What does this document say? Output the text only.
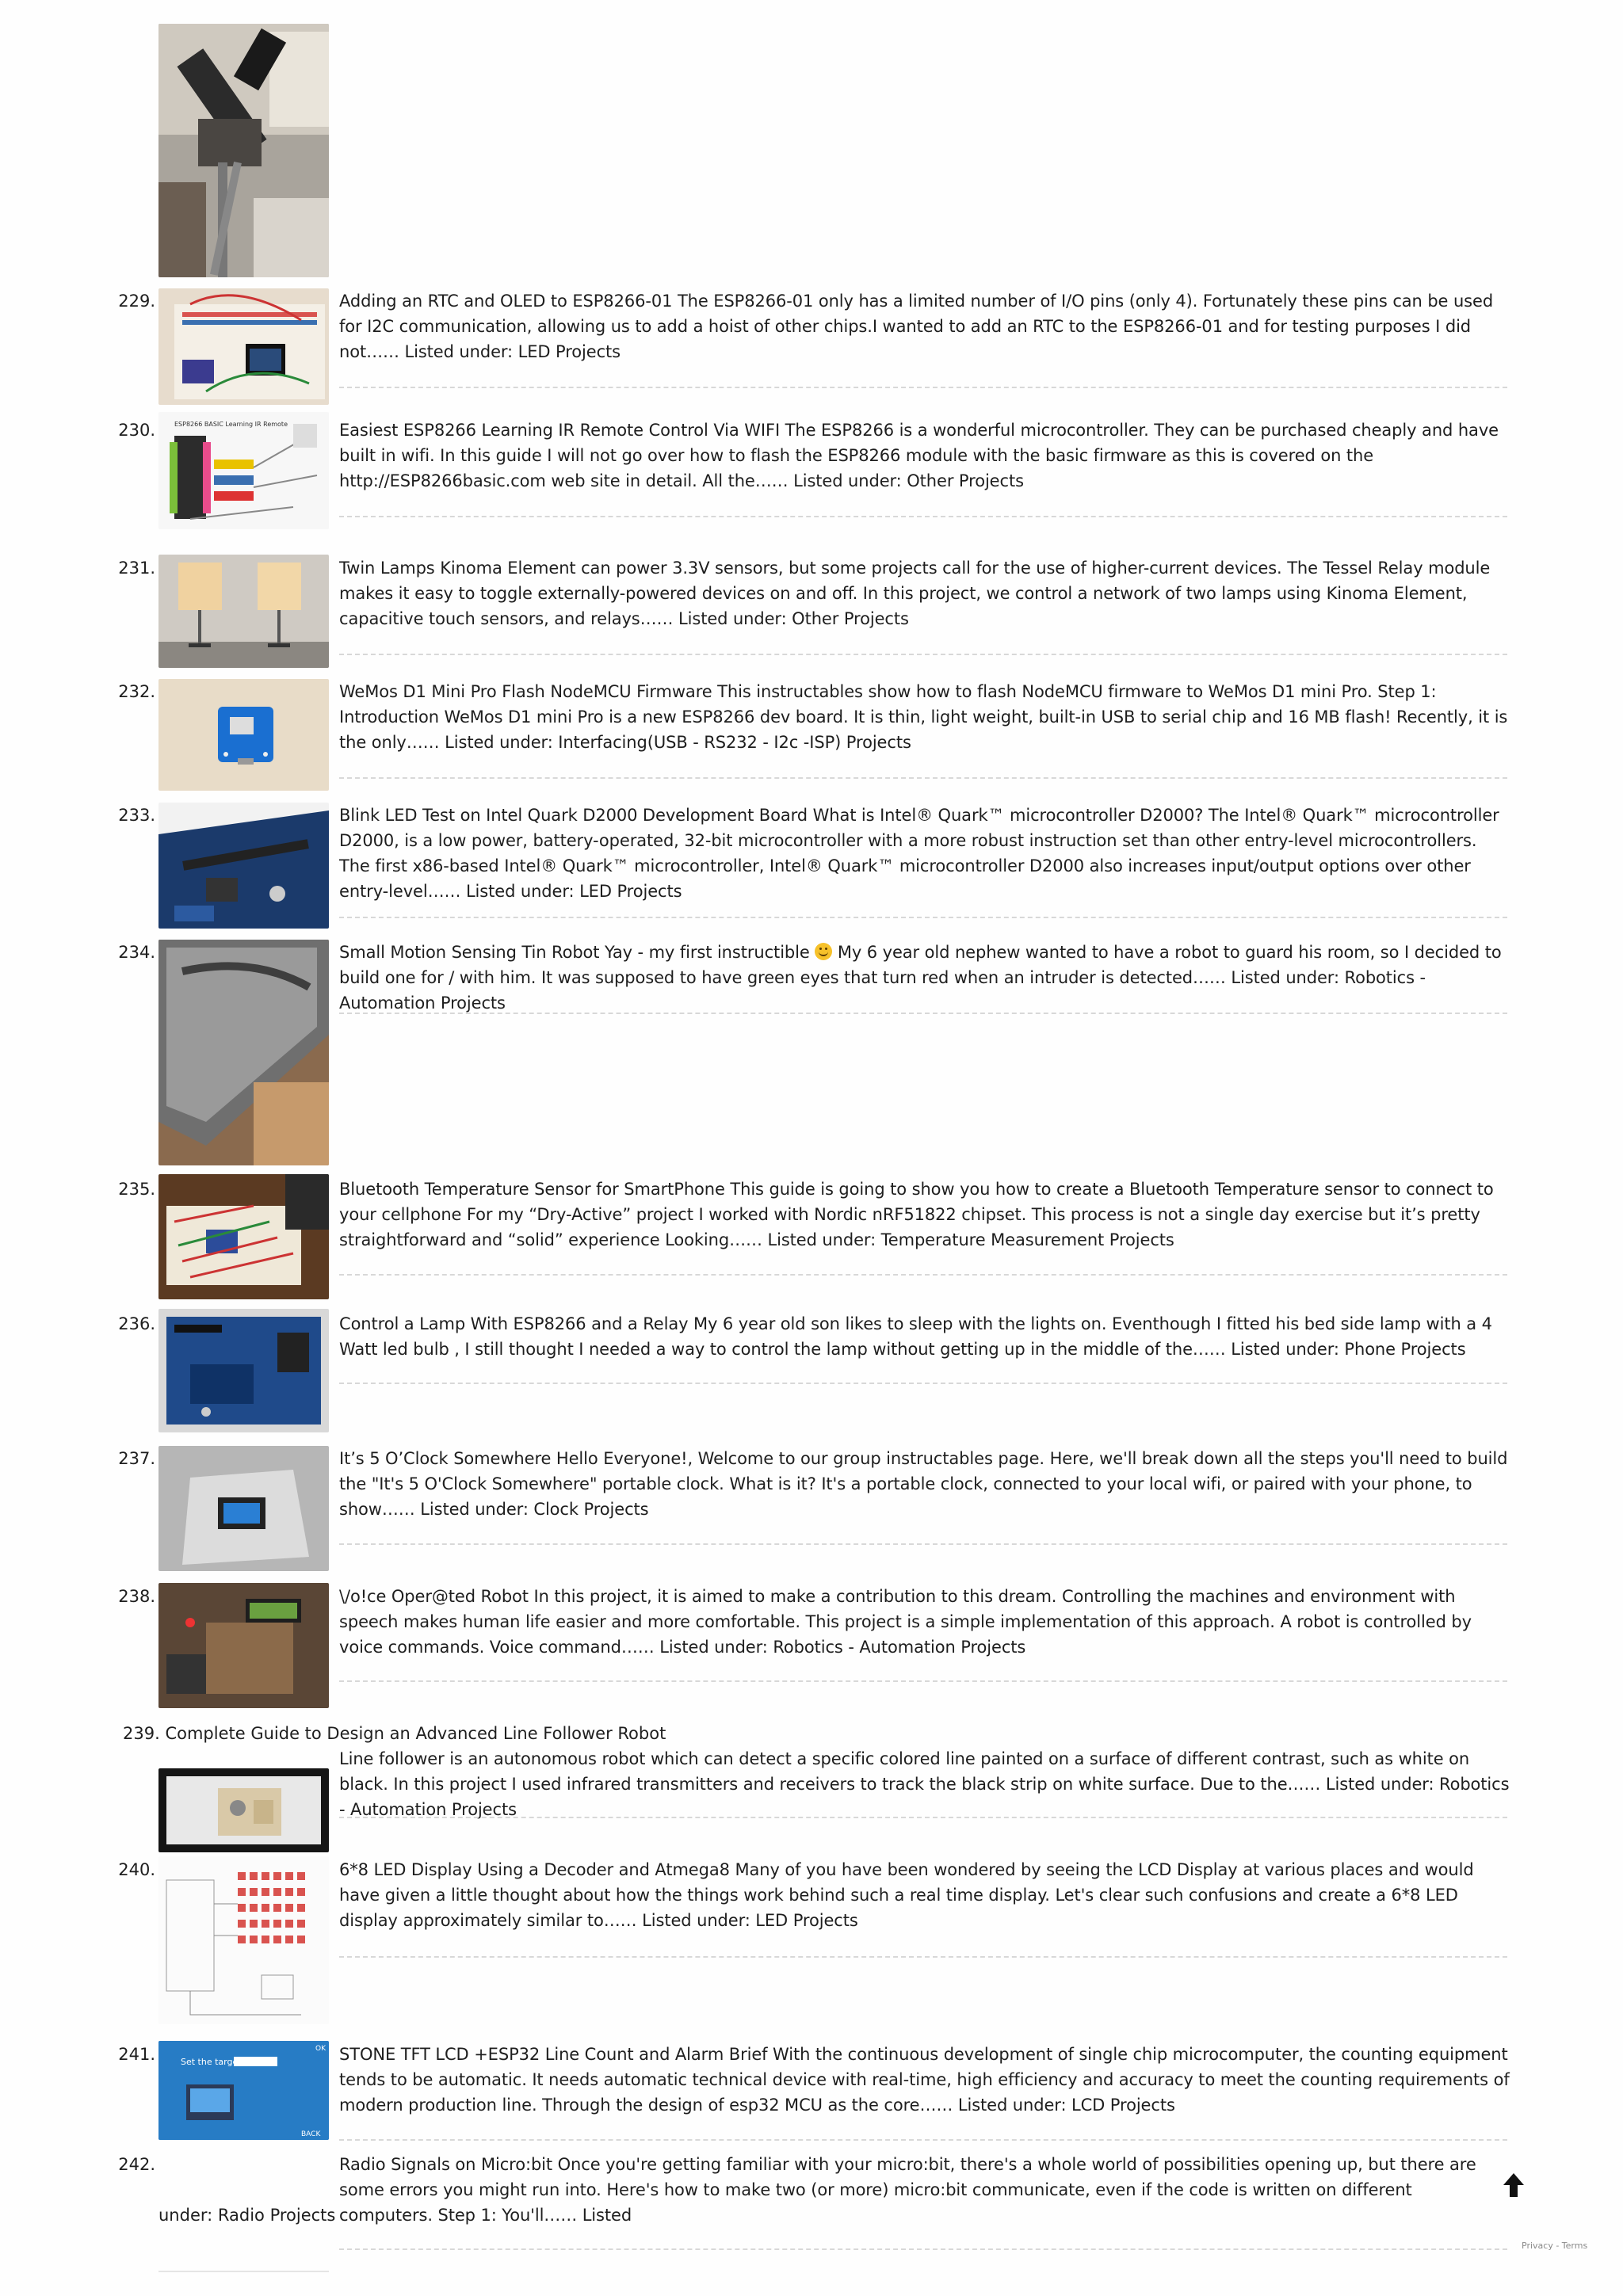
229.	Adding an RTC and OLED to ESP8266-01 The ESP8266-01 only has a limited number of I/O pins (only 4). Fortunately these pins can be used for I2C communication, allowing us to add a hoist of other chips.I wanted to add an RTC to the ESP8266-01 and for testing purposes I did not…… Listed under: LED Projects
230.	ESP8266 BASIC Learning IR Remote	Easiest ESP8266 Learning IR Remote Control Via WIFI The ESP8266 is a wonderful microcontroller. They can be purchased cheaply and have built in wifi. In this guide I will not go over how to flash the ESP8266 module with the basic firmware as this is covered on the http://ESP8266basic.com web site in detail. All the…… Listed under: Other Projects
231.	Twin Lamps Kinoma Element can power 3.3V sensors, but some projects call for the use of higher-current devices. The Tessel Relay module makes it easy to toggle externally-powered devices on and off. In this project, we control a network of two lamps using Kinoma Element, capacitive touch sensors, and relays…… Listed under: Other Projects
232.	WeMos D1 Mini Pro Flash NodeMCU Firmware This instructables show how to flash NodeMCU firmware to WeMos D1 mini Pro. Step 1: Introduction WeMos D1 mini Pro is a new ESP8266 dev board. It is thin, light weight, built-in USB to serial chip and 16 MB flash! Recently, it is the only…… Listed under: Interfacing(USB - RS232 - I2c -ISP) Projects
233.	Blink LED Test on Intel Quark D2000 Development Board What is Intel® Quark™ microcontroller D2000? The Intel® Quark™ microcontroller D2000, is a low power, battery-operated, 32-bit microcontroller with a more robust instruction set than other entry-level microcontrollers. The first x86-based Intel® Quark™ microcontroller, Intel® Quark™ microcontroller D2000 also increases input/output options over other entry-level…… Listed under: LED Projects
234.	Small Motion Sensing Tin Robot Yay - my first instructible My 6 year old nephew wanted to have a robot to guard his room, so I decided to build one for / with him. It was supposed to have green eyes that turn red when an intruder is detected…… Listed under: Robotics - Automation Projects
235.	Bluetooth Temperature Sensor for SmartPhone This guide is going to show you how to create a Bluetooth Temperature sensor to connect to your cellphone For my “Dry-Active” project I worked with Nordic nRF51822 chipset. This process is not a single day exercise but it’s pretty straightforward and “solid” experience Looking…… Listed under: Temperature Measurement Projects
236.	Control a Lamp With ESP8266 and a Relay My 6 year old son likes to sleep with the lights on. Eventhough I fitted his bed side lamp with a 4 Watt led bulb , I still thought I needed a way to control the lamp without getting up in the middle of the…… Listed under: Phone Projects
237.	It’s 5 O’Clock Somewhere Hello Everyone!, Welcome to our group instructables page. Here, we'll break down all the steps you'll need to build the "It's 5 O'Clock Somewhere" portable clock. What is it? It's a portable clock, connected to your local wifi, or paired with your phone, to show…… Listed under: Clock Projects
238.	\/o!ce Oper@ted Robot In this project, it is aimed to make a contribution to this dream. Controlling the machines and environment with speech makes human life easier and more comfortable. This project is a simple implementation of this approach. A robot is controlled by voice commands. Voice command…… Listed under: Robotics - Automation Projects
239. Complete Guide to Design an Advanced Line Follower Robot
Line follower is an autonomous robot which can detect a specific colored line painted on a surface of different contrast, such as white on black. In this project I used infrared transmitters and receivers to track the black strip on white surface. Due to the…… Listed under: Robotics - Automation Projects
240.	6*8 LED Display Using a Decoder and Atmega8 Many of you have been wondered by seeing the LCD Display at various places and would have given a little thought about how the things work behind such a real time display. Let's clear such confusions and create a 6*8 LED display approximately similar to…… Listed under: LED Projects
241.	Set the target
OK
BACK
STONE TFT LCD +ESP32 Line Count and Alarm Brief With the continuous development of single chip microcomputer, the counting equipment tends to be automatic. It needs automatic technical device with real-time, high efficiency and accuracy to meet the counting requirements of modern production line. Through the design of esp32 MCU as the core…… Listed under: LCD Projects
242.	Radio Signals on Micro:bit Once you're getting familiar with your micro:bit, there's a whole world of possibilities opening up, but there are some errors you might run into. Here's how to make two (or more) micro:bit communicate, even if the code is written on different computers. Step 1: You'll…… Listed
under: Radio Projects
Privacy - Terms
